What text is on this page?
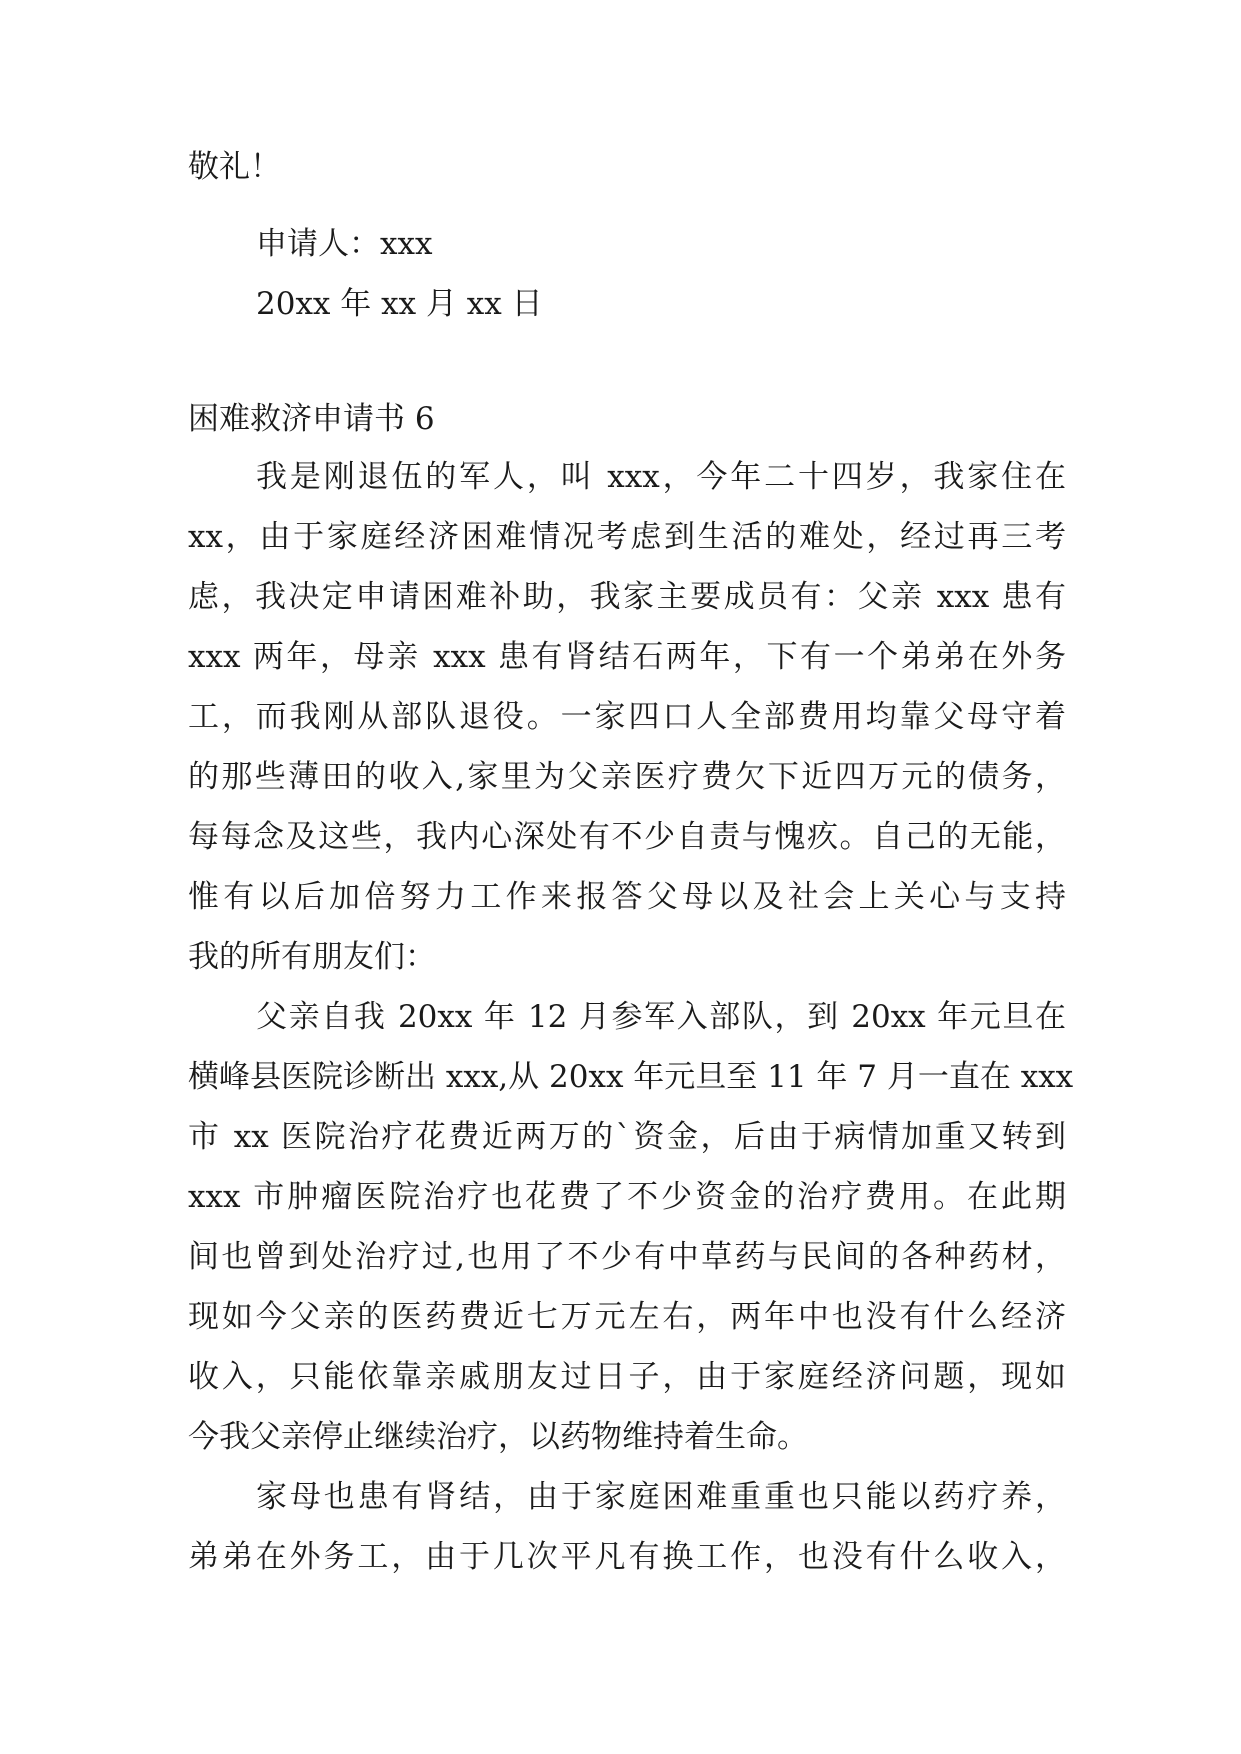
敬礼！
申请人：xxx
20xx 年 xx 月 xx 日
困难救济申请书 6
我是刚退伍的军人，叫 xxx，今年二十四岁，我家住在
xx，由于家庭经济困难情况考虑到生活的难处，经过再三考
虑，我决定申请困难补助，我家主要成员有：父亲 xxx 患有
xxx 两年，母亲 xxx 患有肾结石两年，下有一个弟弟在外务
工，而我刚从部队退役。一家四口人全部费用均靠父母守着
的那些薄田的收入,家里为父亲医疗费欠下近四万元的债务，
每每念及这些，我内心深处有不少自责与愧疚。自己的无能，
惟有以后加倍努力工作来报答父母以及社会上关心与支持
我的所有朋友们：
父亲自我 20xx 年 12 月参军入部队，到 20xx 年元旦在
横峰县医院诊断出 xxx,从 20xx 年元旦至 11 年 7 月一直在 xxx
市 xx 医院治疗花费近两万的`资金，后由于病情加重又转到
xxx 市肿瘤医院治疗也花费了不少资金的治疗费用。在此期
间也曾到处治疗过,也用了不少有中草药与民间的各种药材，
现如今父亲的医药费近七万元左右，两年中也没有什么经济
收入，只能依靠亲戚朋友过日子，由于家庭经济问题，现如
今我父亲停止继续治疗，以药物维持着生命。
家母也患有肾结，由于家庭困难重重也只能以药疗养，
弟弟在外务工，由于几次平凡有换工作，也没有什么收入，
